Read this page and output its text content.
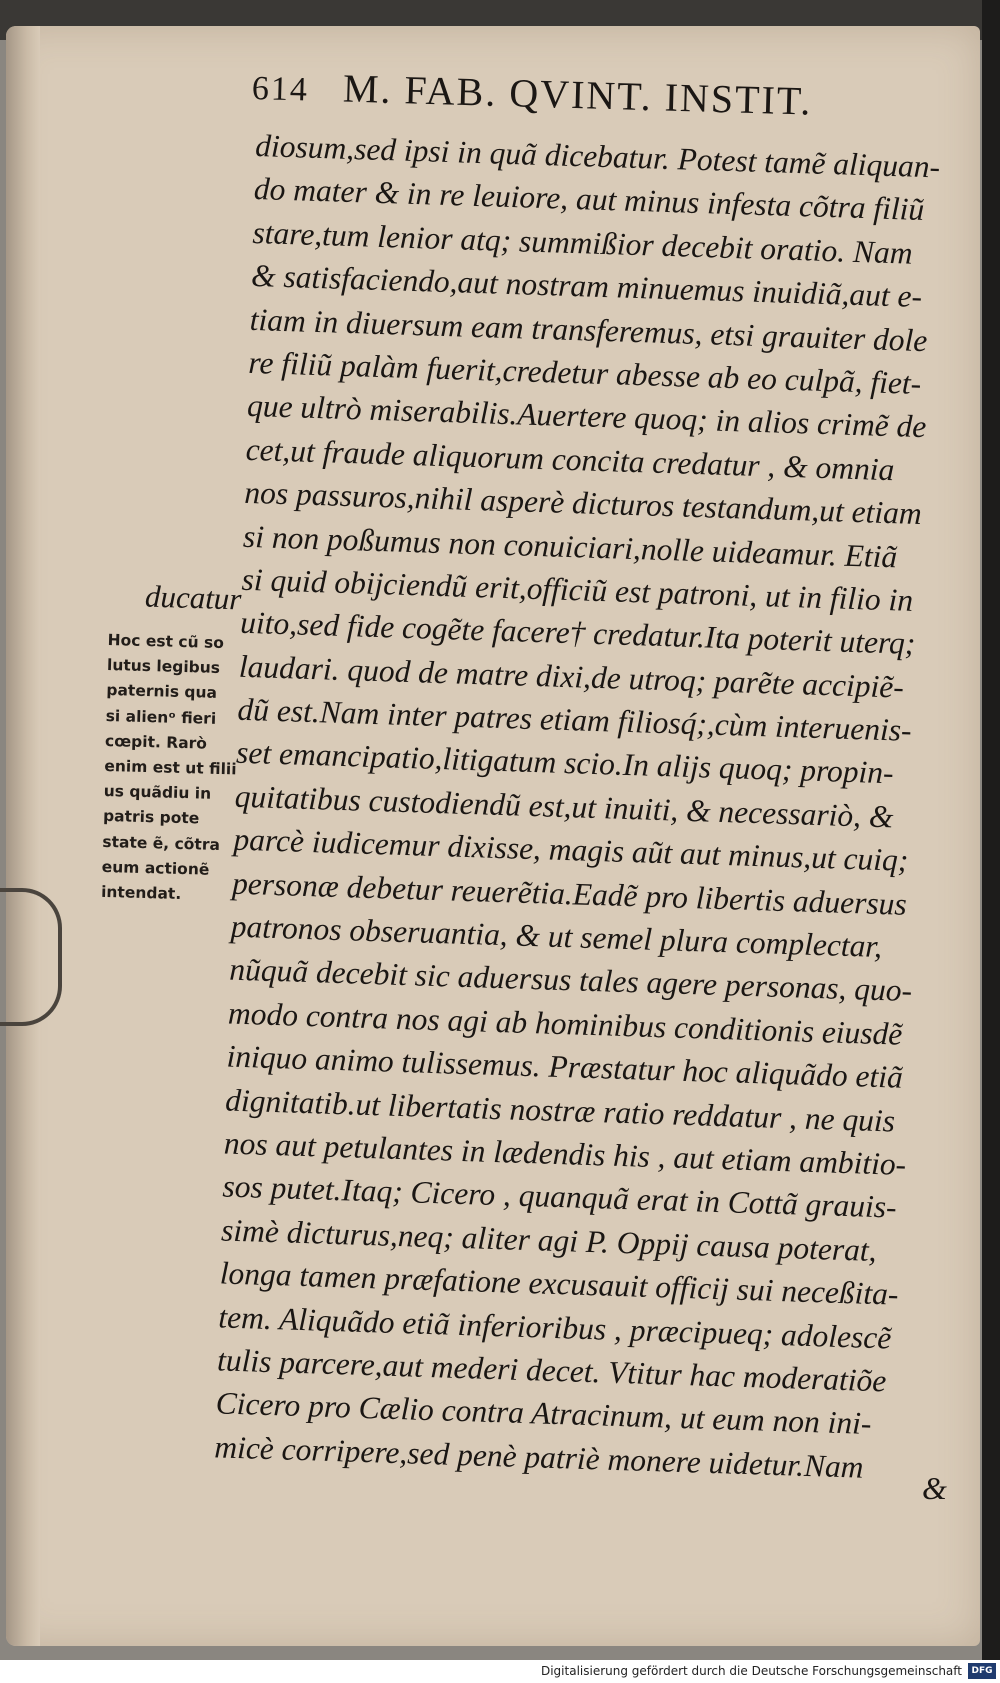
614 M. FAB. QVINT. INSTIT.
diosum,sed ipsi in quã dicebatur. Potest tamẽ aliquan-
do mater & in re leuiore, aut minus infesta cõtra filiũ
stare,tum lenior atq; summißior decebit oratio. Nam
& satisfaciendo,aut nostram minuemus inuidiã,aut e-
tiam in diuersum eam transferemus, etsi grauiter dole
re filiũ palàm fuerit,credetur abesse ab eo culpã, fiet-
que ultrò miserabilis.Auertere quoq; in alios crimẽ de
cet,ut fraude aliquorum concita credatur , & omnia
nos passuros,nihil asperè dicturos testandum,ut etiam
si non poßumus non conuiciari,nolle uideamur. Etiã
si quid obijciendũ erit,officiũ est patroni, ut in filio in
uito,sed fide cogẽte facere† credatur.Ita poterit uterq;
laudari. quod de matre dixi,de utroq; parẽte accipiẽ-
dũ est.Nam inter patres etiam filiosq́;,cùm interuenis-
set emancipatio,litigatum scio.In alijs quoq; propin-
quitatibus custodiendũ est,ut inuiti, & necessariò, &
parcè iudicemur dixisse, magis aũt aut minus,ut cuiq;
personæ debetur reuerẽtia.Eadẽ pro libertis aduersus
patronos obseruantia, & ut semel plura complectar,
nũquã decebit sic aduersus tales agere personas, quo-
modo contra nos agi ab hominibus conditionis eiusdẽ
iniquo animo tulissemus. Præstatur hoc aliquãdo etiã
dignitatib.ut libertatis nostræ ratio reddatur , ne quis
nos aut petulantes in lædendis his , aut etiam ambitio-
sos putet.Itaq; Cicero , quanquã erat in Cottã grauis-
simè dicturus,neq; aliter agi P. Oppij causa poterat,
longa tamen præfatione excusauit officij sui neceßita-
tem. Aliquãdo etiã inferioribus , præcipueq; adolescẽ
tulis parcere,aut mederi decet. Vtitur hac moderatiõe
Cicero pro Cælio contra Atracinum, ut eum non ini-
micè corripere,sed penè patriè monere uidetur.Nam
&
ducatur
Hoc est cũ so
lutus legibus
paternis qua
si alienᵒ fieri
cœpit. Rarò
enim est ut filii
us quãdiu in
patris pote
state ẽ, cõtra
eum actionẽ
intendat.
Digitalisierung gefördert durch die Deutsche Forschungsgemeinschaft	DFG
